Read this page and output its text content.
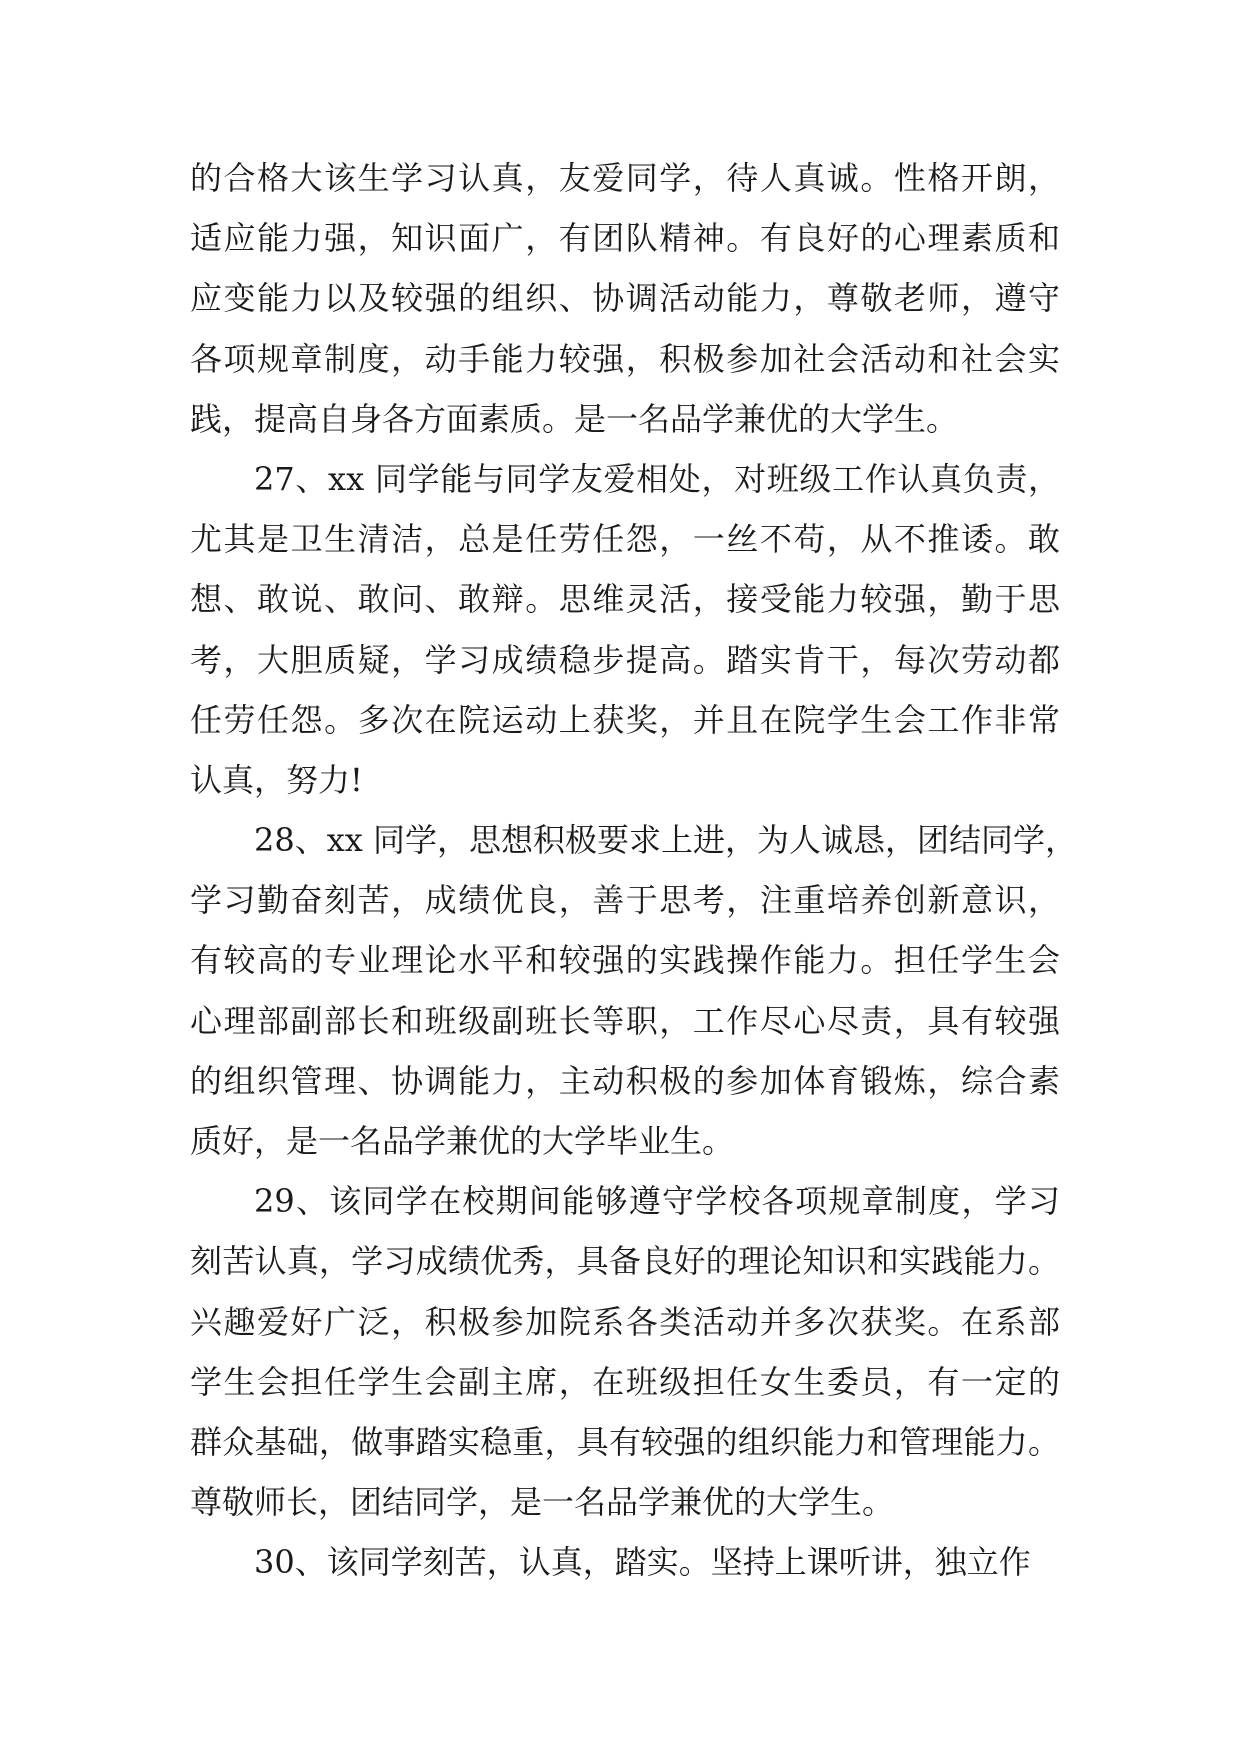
的合格大该生学习认真，友爱同学，待人真诚。性格开朗，
适应能力强，知识面广，有团队精神。有良好的心理素质和
应变能力以及较强的组织、协调活动能力，尊敬老师，遵守
各项规章制度，动手能力较强，积极参加社会活动和社会实
践，提高自身各方面素质。是一名品学兼优的大学生。
27、xx 同学能与同学友爱相处，对班级工作认真负责，
尤其是卫生清洁，总是任劳任怨，一丝不苟，从不推诿。敢
想、敢说、敢问、敢辩。思维灵活，接受能力较强，勤于思
考，大胆质疑，学习成绩稳步提高。踏实肯干，每次劳动都
任劳任怨。多次在院运动上获奖，并且在院学生会工作非常
认真，努力!
28、xx 同学，思想积极要求上进，为人诚恳，团结同学，
学习勤奋刻苦，成绩优良，善于思考，注重培养创新意识，
有较高的专业理论水平和较强的实践操作能力。担任学生会
心理部副部长和班级副班长等职，工作尽心尽责，具有较强
的组织管理、协调能力，主动积极的参加体育锻炼，综合素
质好，是一名品学兼优的大学毕业生。
29、该同学在校期间能够遵守学校各项规章制度，学习
刻苦认真，学习成绩优秀，具备良好的理论知识和实践能力。
兴趣爱好广泛，积极参加院系各类活动并多次获奖。在系部
学生会担任学生会副主席，在班级担任女生委员，有一定的
群众基础，做事踏实稳重，具有较强的组织能力和管理能力。
尊敬师长，团结同学，是一名品学兼优的大学生。
30、该同学刻苦，认真，踏实。坚持上课听讲，独立作
